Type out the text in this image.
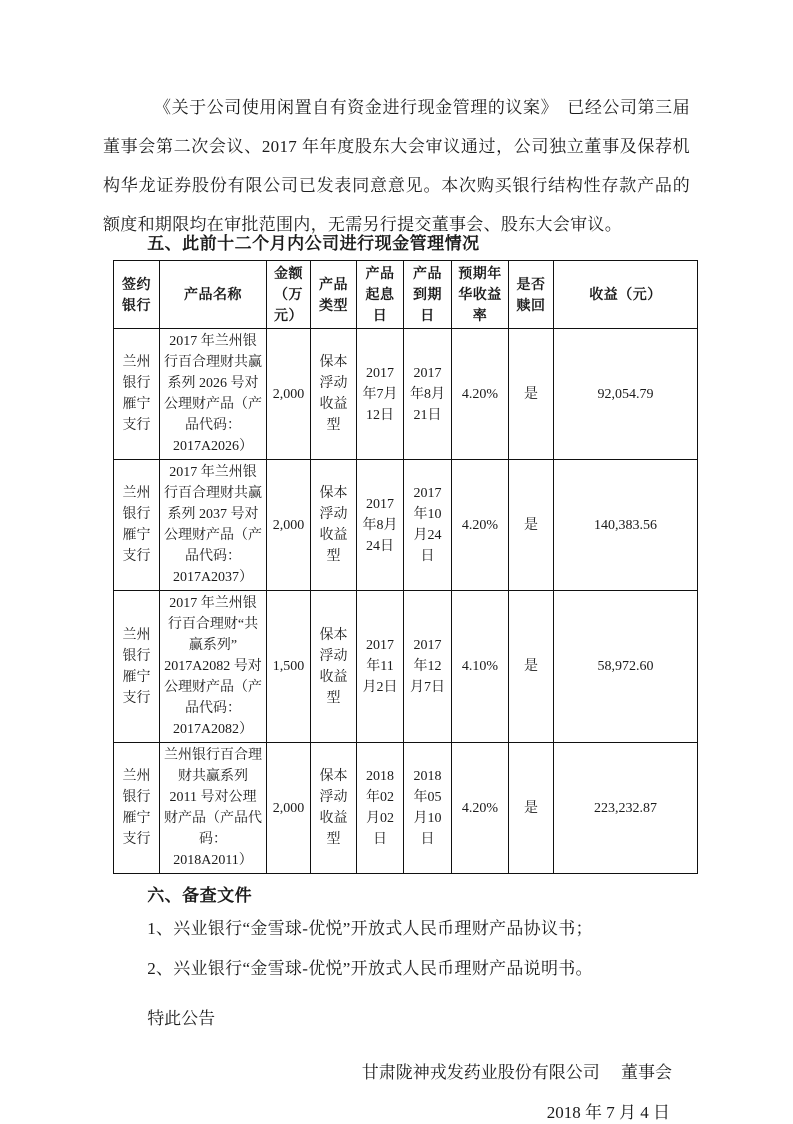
《关于公司使用闲置自有资金进行现金管理的议案》　已经公司第三届董事会第二次会议、2017 年年度股东大会审议通过，公司独立董事及保荐机构华龙证券股份有限公司已发表同意意见。本次购买银行结构性存款产品的额度和期限均在审批范围内，无需另行提交董事会、股东大会审议。

五、此前十二个月内公司进行现金管理情况

签约银行	产品名称	金额（万元）	产品类型	产品起息日	产品到期日	预期年华收益率	是否赎回	收益（元）
兰州银行雁宁支行	2017 年兰州银行百合理财共赢系列 2026 号对公理财产品（产品代码：2017A2026）	2,000	保本浮动收益型	2017年7月12日	2017年8月21日	4.20%	是	92,054.79
兰州银行雁宁支行	2017 年兰州银行百合理财共赢系列 2037 号对公理财产品（产品代码：2017A2037）	2,000	保本浮动收益型	2017年8月24日	2017年10月24日	4.20%	是	140,383.56
兰州银行雁宁支行	2017 年兰州银行百合理财“共赢系列”2017A2082 号对公理财产品（产品代码：2017A2082）	1,500	保本浮动收益型	2017年11月2日	2017年12月7日	4.10%	是	58,972.60
兰州银行雁宁支行	兰州银行百合理财共赢系列 2011 号对公理财产品（产品代码：2018A2011）	2,000	保本浮动收益型	2018年02月02日	2018年05月10日	4.20%	是	223,232.87

六、备查文件

1、兴业银行“金雪球-优悦”开放式人民币理财产品协议书；

2、兴业银行“金雪球-优悦”开放式人民币理财产品说明书。

特此公告

甘肃陇神戎发药业股份有限公司　 董事会

2018 年 7 月 4 日
